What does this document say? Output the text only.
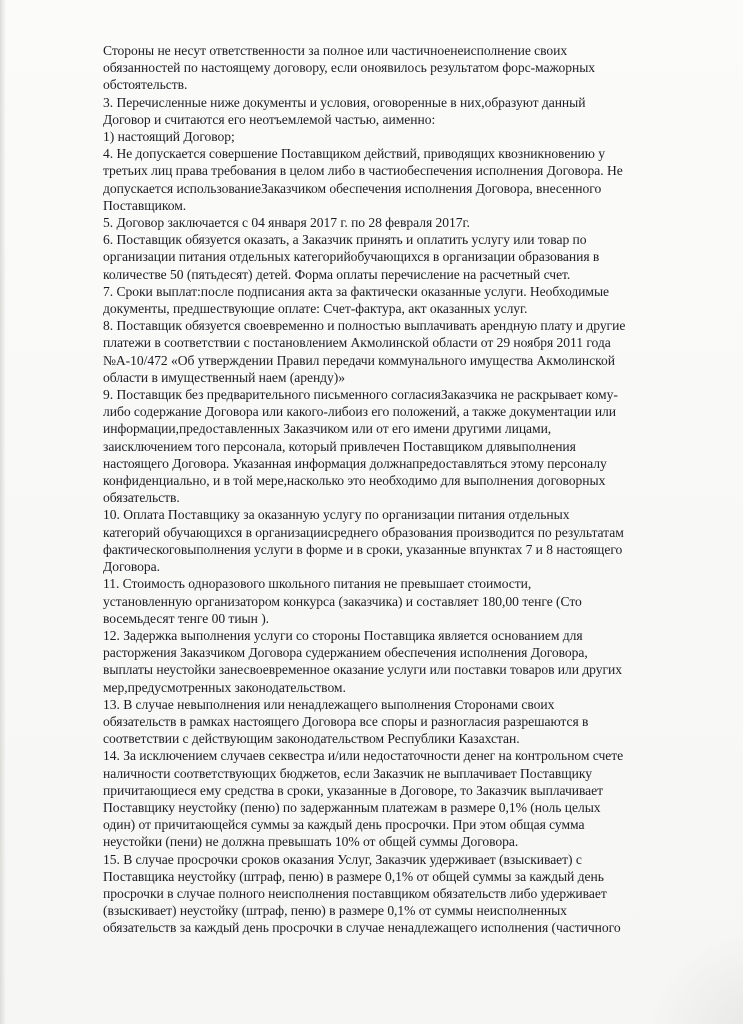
Стороны не несут ответственности за полное или частичноенеисполнение своих

обязанностей по настоящему договору, если оноявилось результатом форс-мажорных

обстоятельств.

3. Перечисленные ниже документы и условия, оговоренные в них,образуют данный

Договор и считаются его неотъемлемой частью, аименно:

1) настоящий Договор;

4. Не допускается совершение Поставщиком действий, приводящих квозникновению у

третьих лиц права требования в целом либо в частиобеспечения исполнения Договора. Не

допускается использованиеЗаказчиком обеспечения исполнения Договора, внесенного

Поставщиком.

5. Договор заключается с 04 января 2017 г. по 28 февраля 2017г.

6. Поставщик обязуется оказать, а Заказчик принять и оплатить услугу или товар по

организации питания отдельных категорийобучающихся в организации образования в

количестве 50 (пятьдесят) детей. Форма оплаты перечисление на расчетный счет.

7. Сроки выплат:после подписания акта за фактически оказанные услуги. Необходимые

документы, предшествующие оплате: Счет-фактура, акт оказанных услуг.

8. Поставщик обязуется своевременно и полностью выплачивать арендную плату и другие

платежи в соответствии с постановлением Акмолинской области от 29 ноября 2011 года

№А-10/472 «Об утверждении Правил передачи коммунального имущества Акмолинской

области в имущественный наем (аренду)»

9. Поставщик без предварительного письменного согласияЗаказчика не раскрывает кому-

либо содержание Договора или какого-либоиз его положений, а также документации или

информации,предоставленных Заказчиком или от его имени другими лицами,

заисключением того персонала, который привлечен Поставщиком длявыполнения

настоящего Договора. Указанная информация должнапредоставляться этому персоналу

конфиденциально, и в той мере,насколько это необходимо для выполнения договорных

обязательств.

10. Оплата Поставщику за оказанную услугу по организации питания отдельных

категорий обучающихся в организациисреднего образования производится по результатам

фактическоговыполнения услуги в форме и в сроки, указанные впунктах 7 и 8 настоящего

Договора.

11. Стоимость одноразового школьного питания не превышает стоимости,

установленную организатором конкурса (заказчика) и составляет 180,00 тенге (Сто

восемьдесят тенге 00 тиын ).

12. Задержка выполнения услуги со стороны Поставщика является основанием для

расторжения Заказчиком Договора судержанием обеспечения исполнения Договора,

выплаты неустойки занесвоевременное оказание услуги или поставки товаров или других

мер,предусмотренных законодательством.

13. В случае невыполнения или ненадлежащего выполнения Сторонами своих

обязательств в рамках настоящего Договора все споры и разногласия разрешаются в

соответствии с действующим законодательством Республики Казахстан.

14. За исключением случаев секвестра и/или недостаточности денег на контрольном счете

наличности соответствующих бюджетов, если Заказчик не выплачивает Поставщику

причитающиеся ему средства в сроки, указанные в Договоре, то Заказчик выплачивает

Поставщику неустойку (пеню) по задержанным платежам в размере 0,1% (ноль целых

один) от причитающейся суммы за каждый день просрочки. При этом общая сумма

неустойки (пени) не должна превышать 10% от общей суммы Договора.

15. В случае просрочки сроков оказания Услуг, Заказчик удерживает (взыскивает) с

Поставщика неустойку (штраф, пеню) в размере 0,1% от общей суммы за каждый день

просрочки в случае полного неисполнения поставщиком обязательств либо удерживает

(взыскивает) неустойку (штраф, пеню) в размере 0,1% от суммы неисполненных

обязательств за каждый день просрочки в случае ненадлежащего исполнения (частичного
